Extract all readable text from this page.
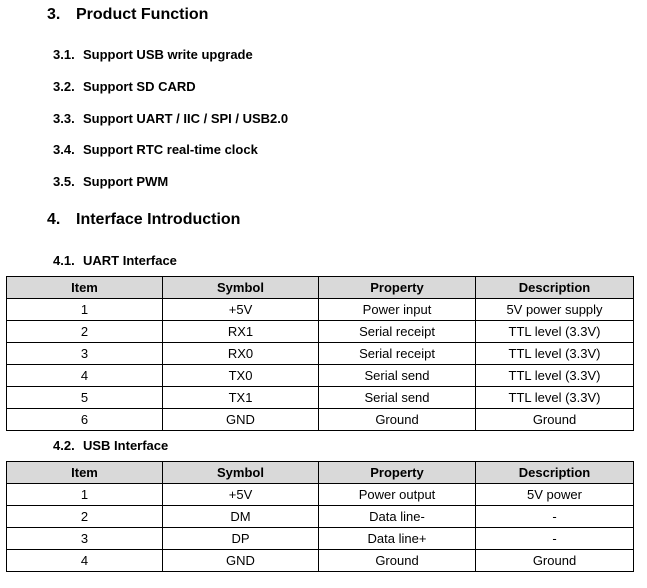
3. Product Function
3.1. Support USB write upgrade
3.2. Support SD CARD
3.3. Support UART / IIC / SPI / USB2.0
3.4. Support RTC real-time clock
3.5. Support PWM
4. Interface Introduction
4.1. UART Interface
Item	Symbol	Property	Description
1	+5V	Power input	5V power supply
2	RX1	Serial receipt	TTL level (3.3V)
3	RX0	Serial receipt	TTL level (3.3V)
4	TX0	Serial send	TTL level (3.3V)
5	TX1	Serial send	TTL level (3.3V)
6	GND	Ground	Ground
4.2. USB Interface
Item	Symbol	Property	Description
1	+5V	Power output	5V power
2	DM	Data line-	-
3	DP	Data line+	-
4	GND	Ground	Ground
